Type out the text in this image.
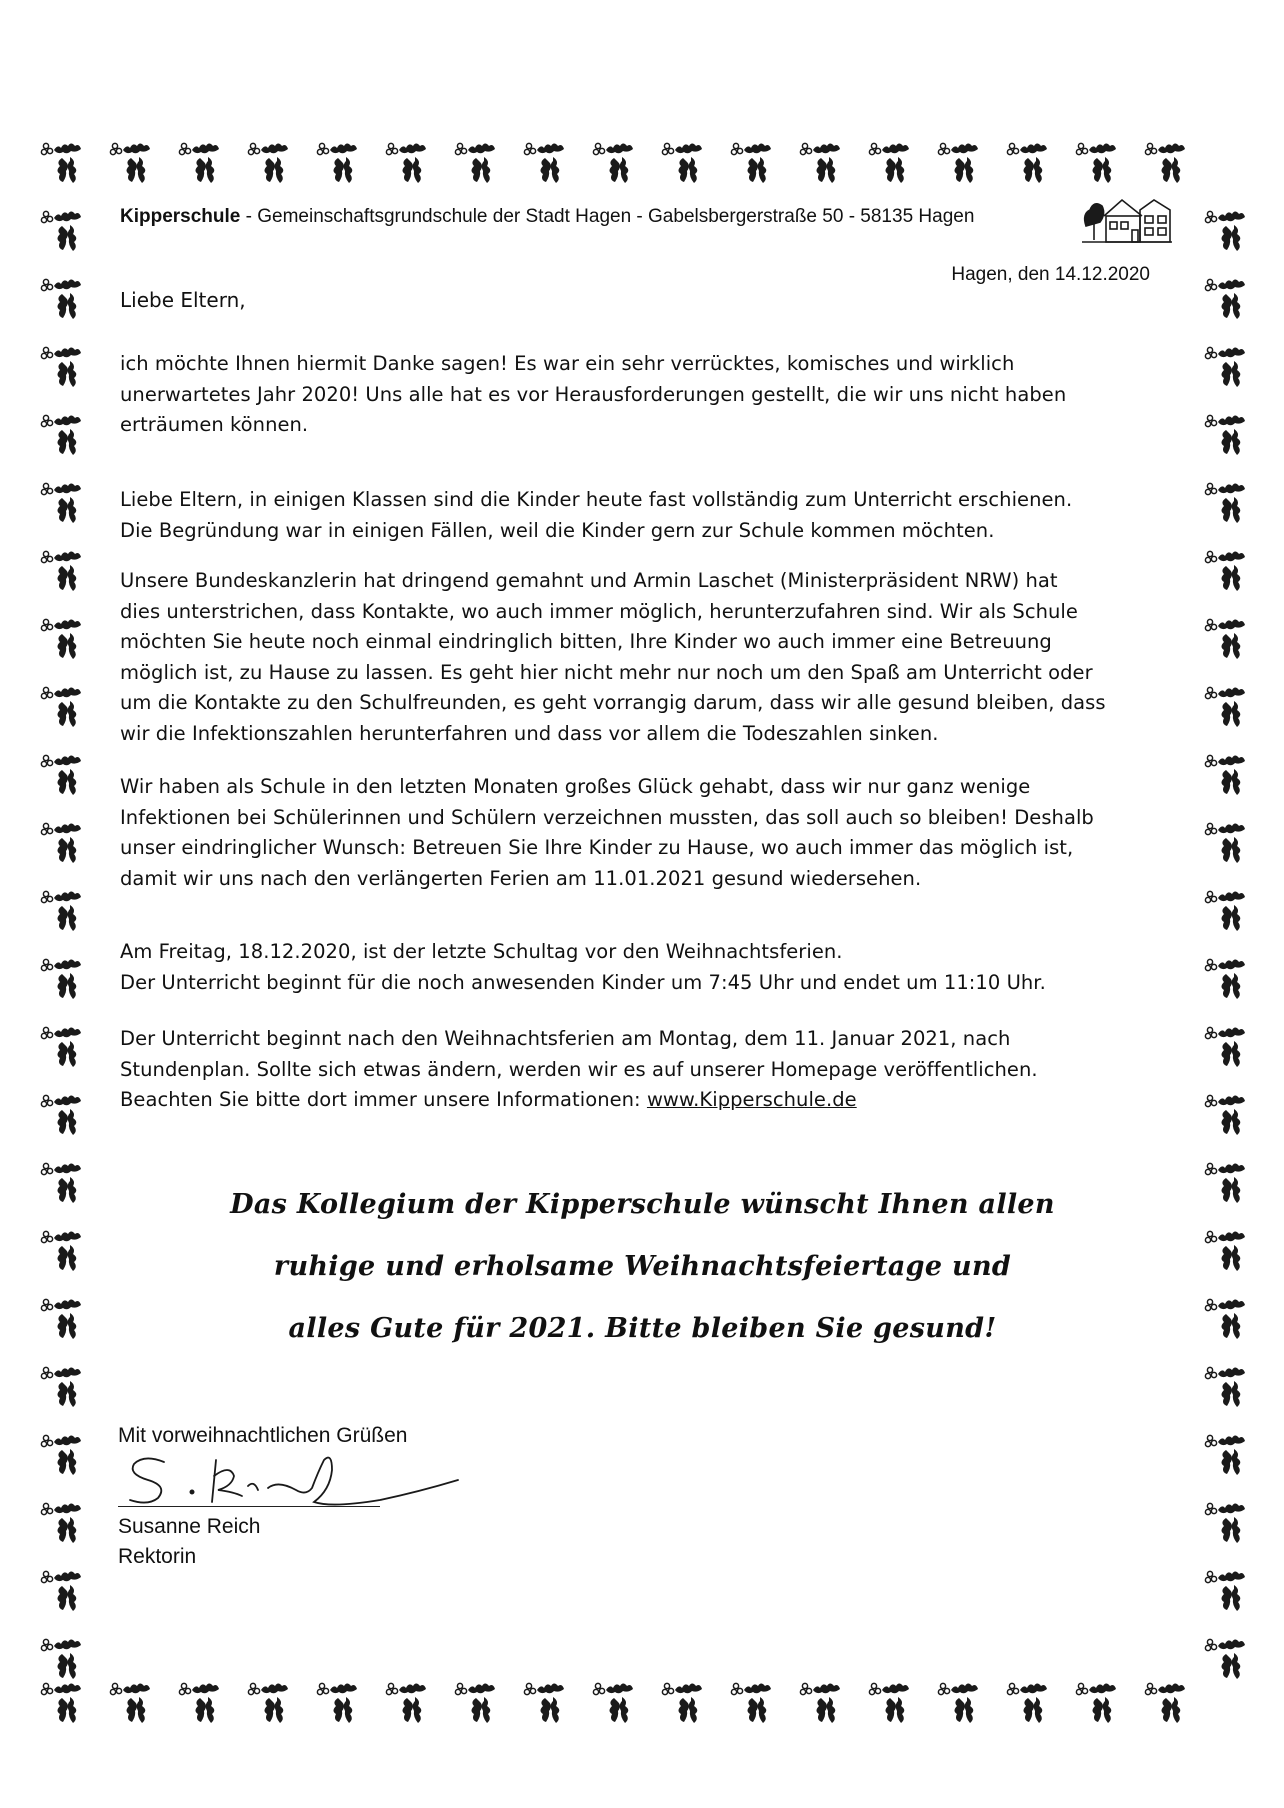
Kipperschule - Gemeinschaftsgrundschule der Stadt Hagen - Gabelsbergerstraße 50 - 58135 Hagen
Hagen, den 14.12.2020
Liebe Eltern,

ich möchte Ihnen hiermit Danke sagen! Es war ein sehr verrücktes, komisches und wirklich
unerwartetes Jahr 2020! Uns alle hat es vor Herausforderungen gestellt, die wir uns nicht haben
erträumen können.

Liebe Eltern, in einigen Klassen sind die Kinder heute fast vollständig zum Unterricht erschienen.
Die Begründung war in einigen Fällen, weil die Kinder gern zur Schule kommen möchten.

Unsere Bundeskanzlerin hat dringend gemahnt und Armin Laschet (Ministerpräsident NRW) hat
dies unterstrichen, dass Kontakte, wo auch immer möglich, herunterzufahren sind. Wir als Schule
möchten Sie heute noch einmal eindringlich bitten, Ihre Kinder wo auch immer eine Betreuung
möglich ist, zu Hause zu lassen. Es geht hier nicht mehr nur noch um den Spaß am Unterricht oder
um die Kontakte zu den Schulfreunden, es geht vorrangig darum, dass wir alle gesund bleiben, dass
wir die Infektionszahlen herunterfahren und dass vor allem die Todeszahlen sinken.

Wir haben als Schule in den letzten Monaten großes Glück gehabt, dass wir nur ganz wenige
Infektionen bei Schülerinnen und Schülern verzeichnen mussten, das soll auch so bleiben! Deshalb
unser eindringlicher Wunsch: Betreuen Sie Ihre Kinder zu Hause, wo auch immer das möglich ist,
damit wir uns nach den verlängerten Ferien am 11.01.2021 gesund wiedersehen.

Am Freitag, 18.12.2020, ist der letzte Schultag vor den Weihnachtsferien.
Der Unterricht beginnt für die noch anwesenden Kinder um 7:45 Uhr und endet um 11:10 Uhr.

Der Unterricht beginnt nach den Weihnachtsferien am Montag, dem 11. Januar 2021, nach
Stundenplan. Sollte sich etwas ändern, werden wir es auf unserer Homepage veröffentlichen.
Beachten Sie bitte dort immer unsere Informationen: www.Kipperschule.de

Das Kollegium der Kipperschule wünscht Ihnen allen
ruhige und erholsame Weihnachtsfeiertage und
alles Gute für 2021. Bitte bleiben Sie gesund!
Mit vorweihnachtlichen Grüßen
Susanne Reich
Rektorin
